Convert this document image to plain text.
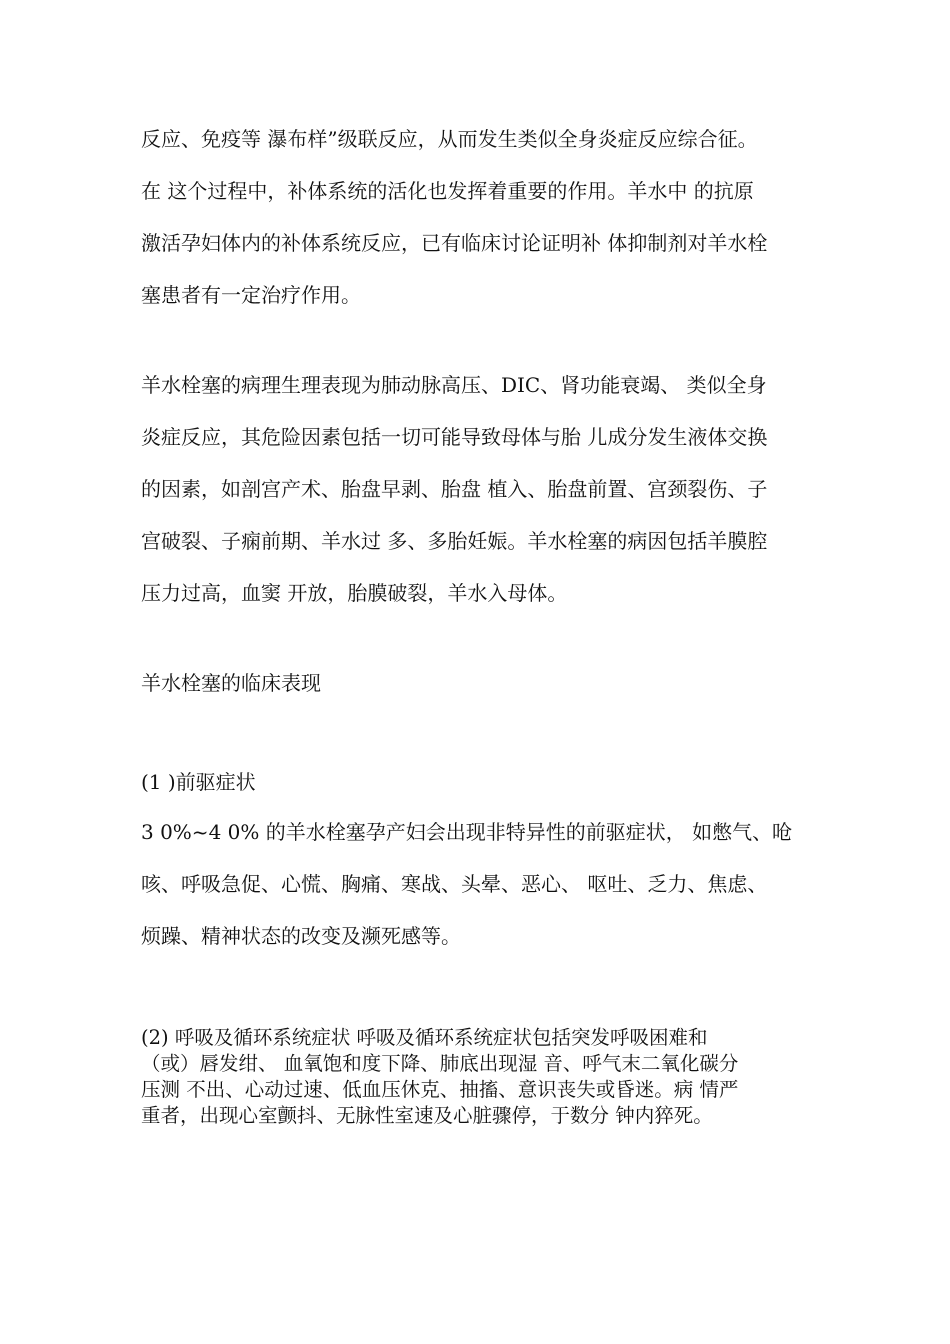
反应、免疫等 瀑布样”级联反应，从而发生类似全身炎症反应综合征。
在 这个过程中，补体系统的活化也发挥着重要的作用。羊水中 的抗原
激活孕妇体内的补体系统反应，已有临床讨论证明补 体抑制剂对羊水栓
塞患者有一定治疗作用。
羊水栓塞的病理生理表现为肺动脉高压、DIC、肾功能衰竭、 类似全身
炎症反应，其危险因素包括一切可能导致母体与胎 儿成分发生液体交换
的因素，如剖宫产术、胎盘早剥、胎盘 植入、胎盘前置、宫颈裂伤、子
宫破裂、子痫前期、羊水过 多、多胎妊娠。羊水栓塞的病因包括羊膜腔
压力过高，血窦 开放，胎膜破裂，羊水入母体。
羊水栓塞的临床表现
(1 )前驱症状
3 0%~4 0% 的羊水栓塞孕产妇会出现非特异性的前驱症状， 如憋气、呛
咳、呼吸急促、心慌、胸痛、寒战、头晕、恶心、 呕吐、乏力、焦虑、
烦躁、精神状态的改变及濒死感等。
(2) 呼吸及循环系统症状 呼吸及循环系统症状包括突发呼吸困难和
（或）唇发绀、 血氧饱和度下降、肺底出现湿 音、呼气末二氧化碳分
压测 不出、心动过速、低血压休克、抽搐、意识丧失或昏迷。病 情严
重者，出现心室颤抖、无脉性室速及心脏骤停，于数分 钟内猝死。
